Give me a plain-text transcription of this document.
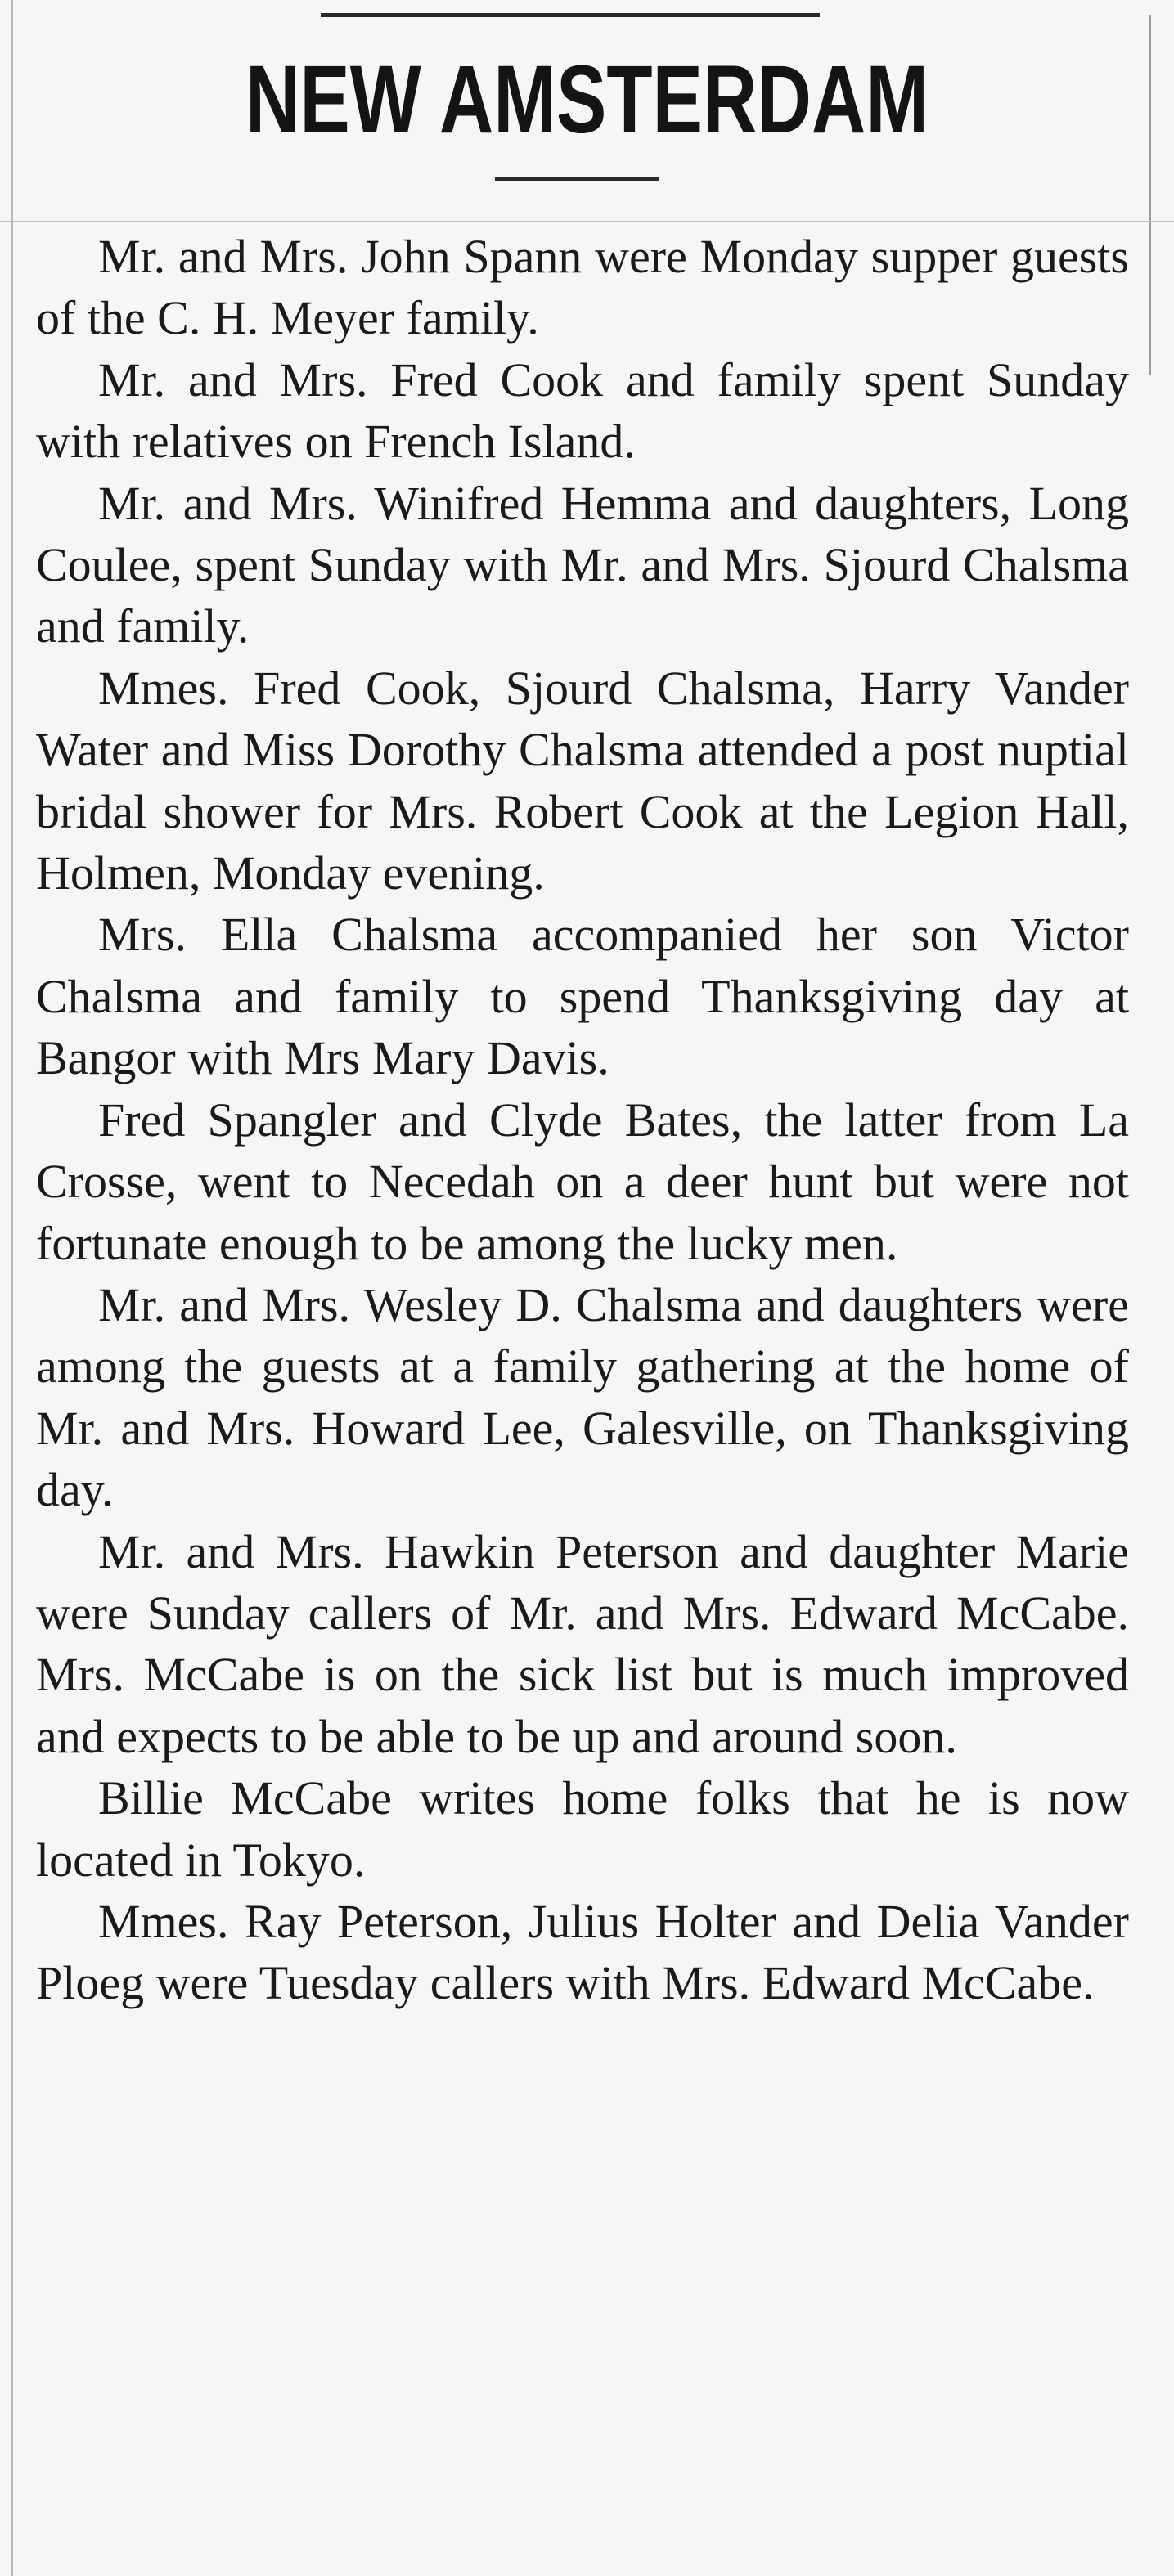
NEW AMSTERDAM

Mr. and Mrs. John Spann were Monday supper guests of the C. H. Meyer family.

Mr. and Mrs. Fred Cook and family spent Sunday with relatives on French Island.

Mr. and Mrs. Winifred Hemma and daughters, Long Coulee, spent Sunday with Mr. and Mrs. Sjourd Chalsma and family.

Mmes. Fred Cook, Sjourd Chalsma, Harry Vander Water and Miss Dorothy Chalsma attended a post nuptial bridal shower for Mrs. Robert Cook at the Legion Hall, Holmen, Monday evening.

Mrs. Ella Chalsma accompanied her son Victor Chalsma and family to spend Thanksgiving day at Bangor with Mrs Mary Davis.

Fred Spangler and Clyde Bates, the latter from La Crosse, went to Necedah on a deer hunt but were not fortunate enough to be among the lucky men.

Mr. and Mrs. Wesley D. Chalsma and daughters were among the guests at a family gathering at the home of Mr. and Mrs. Howard Lee, Galesville, on Thanksgiving day.

Mr. and Mrs. Hawkin Peterson and daughter Marie were Sunday callers of Mr. and Mrs. Edward McCabe. Mrs. McCabe is on the sick list but is much improved and expects to be able to be up and around soon.

Billie McCabe writes home folks that he is now located in Tokyo.

Mmes. Ray Peterson, Julius Holter and Delia Vander Ploeg were Tuesday callers with Mrs. Edward McCabe.
